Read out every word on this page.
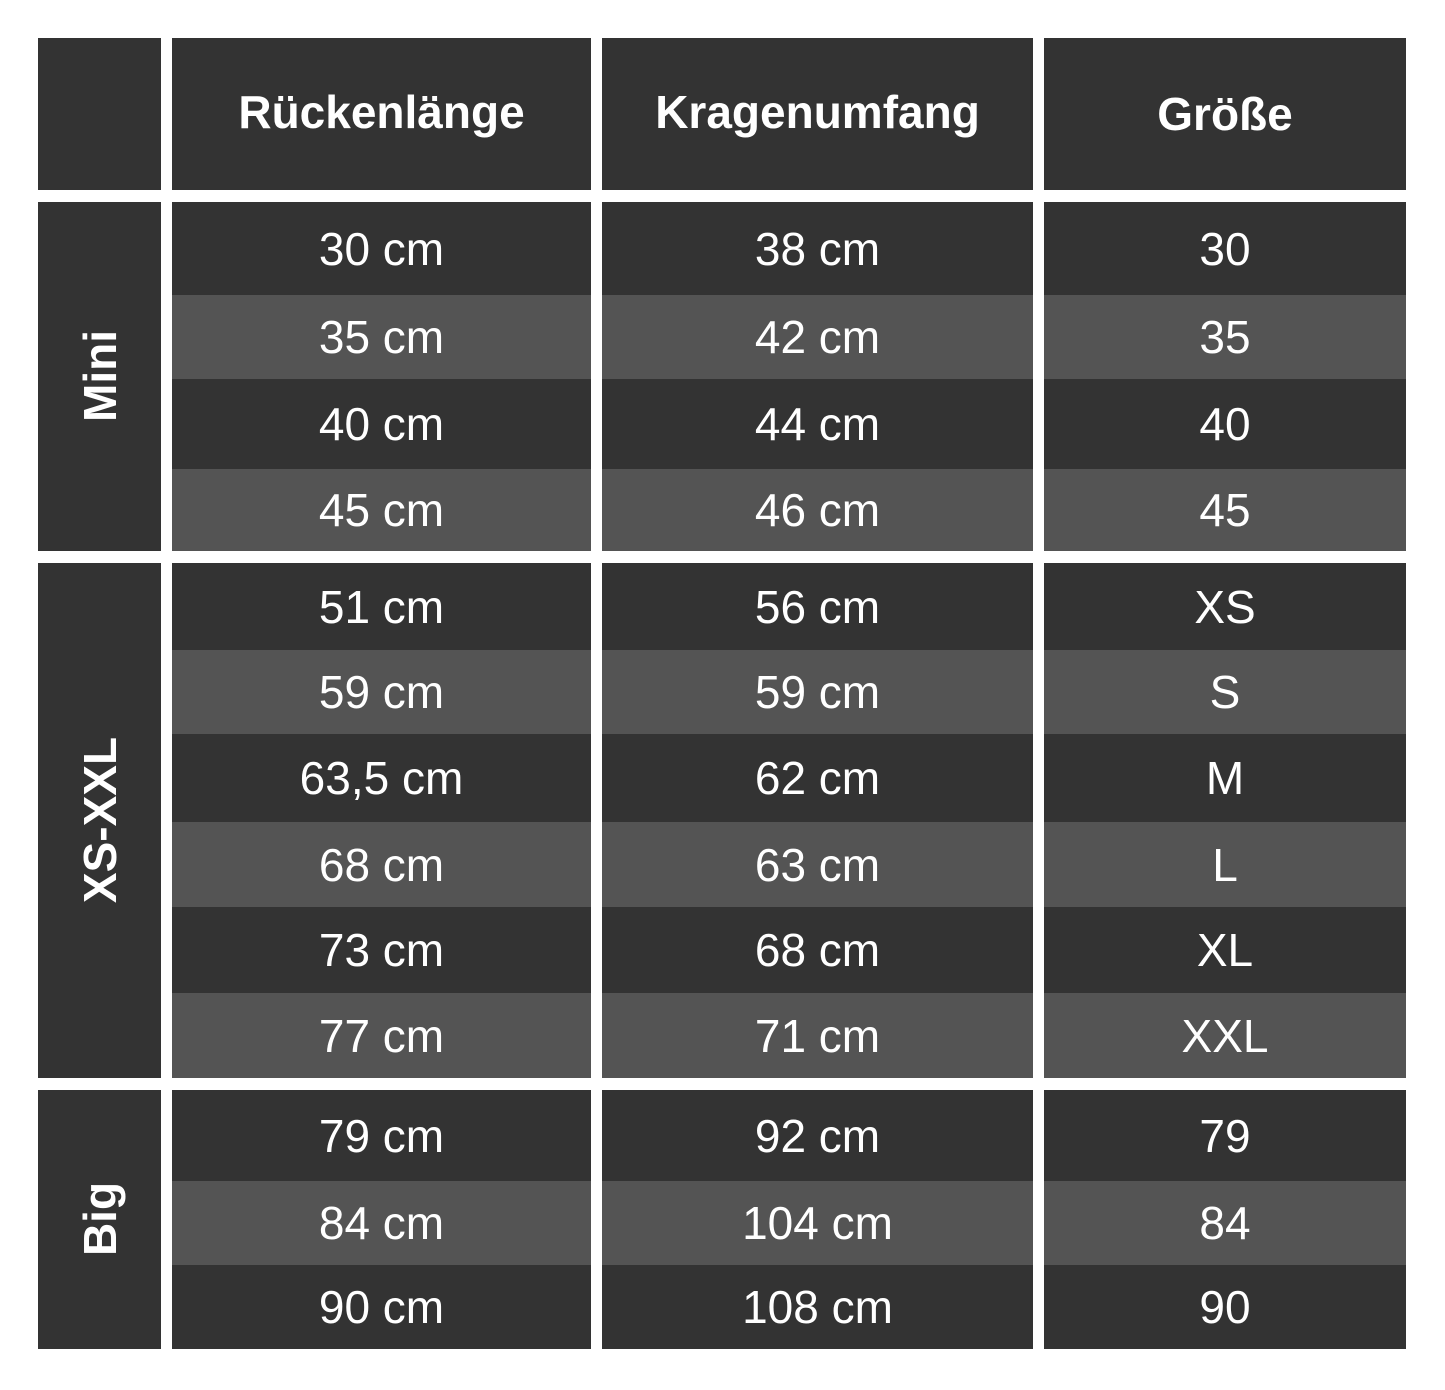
Rückenlänge	Kragenumfang	Größe
Mini
30 cm	38 cm	30
35 cm	42 cm	35
40 cm	44 cm	40
45 cm	46 cm	45
XS-XXL
51 cm	56 cm	XS
59 cm	59 cm	S
63,5 cm	62 cm	M
68 cm	63 cm	L
73 cm	68 cm	XL
77 cm	71 cm	XXL
Big
79 cm	92 cm	79
84 cm	104 cm	84
90 cm	108 cm	90
